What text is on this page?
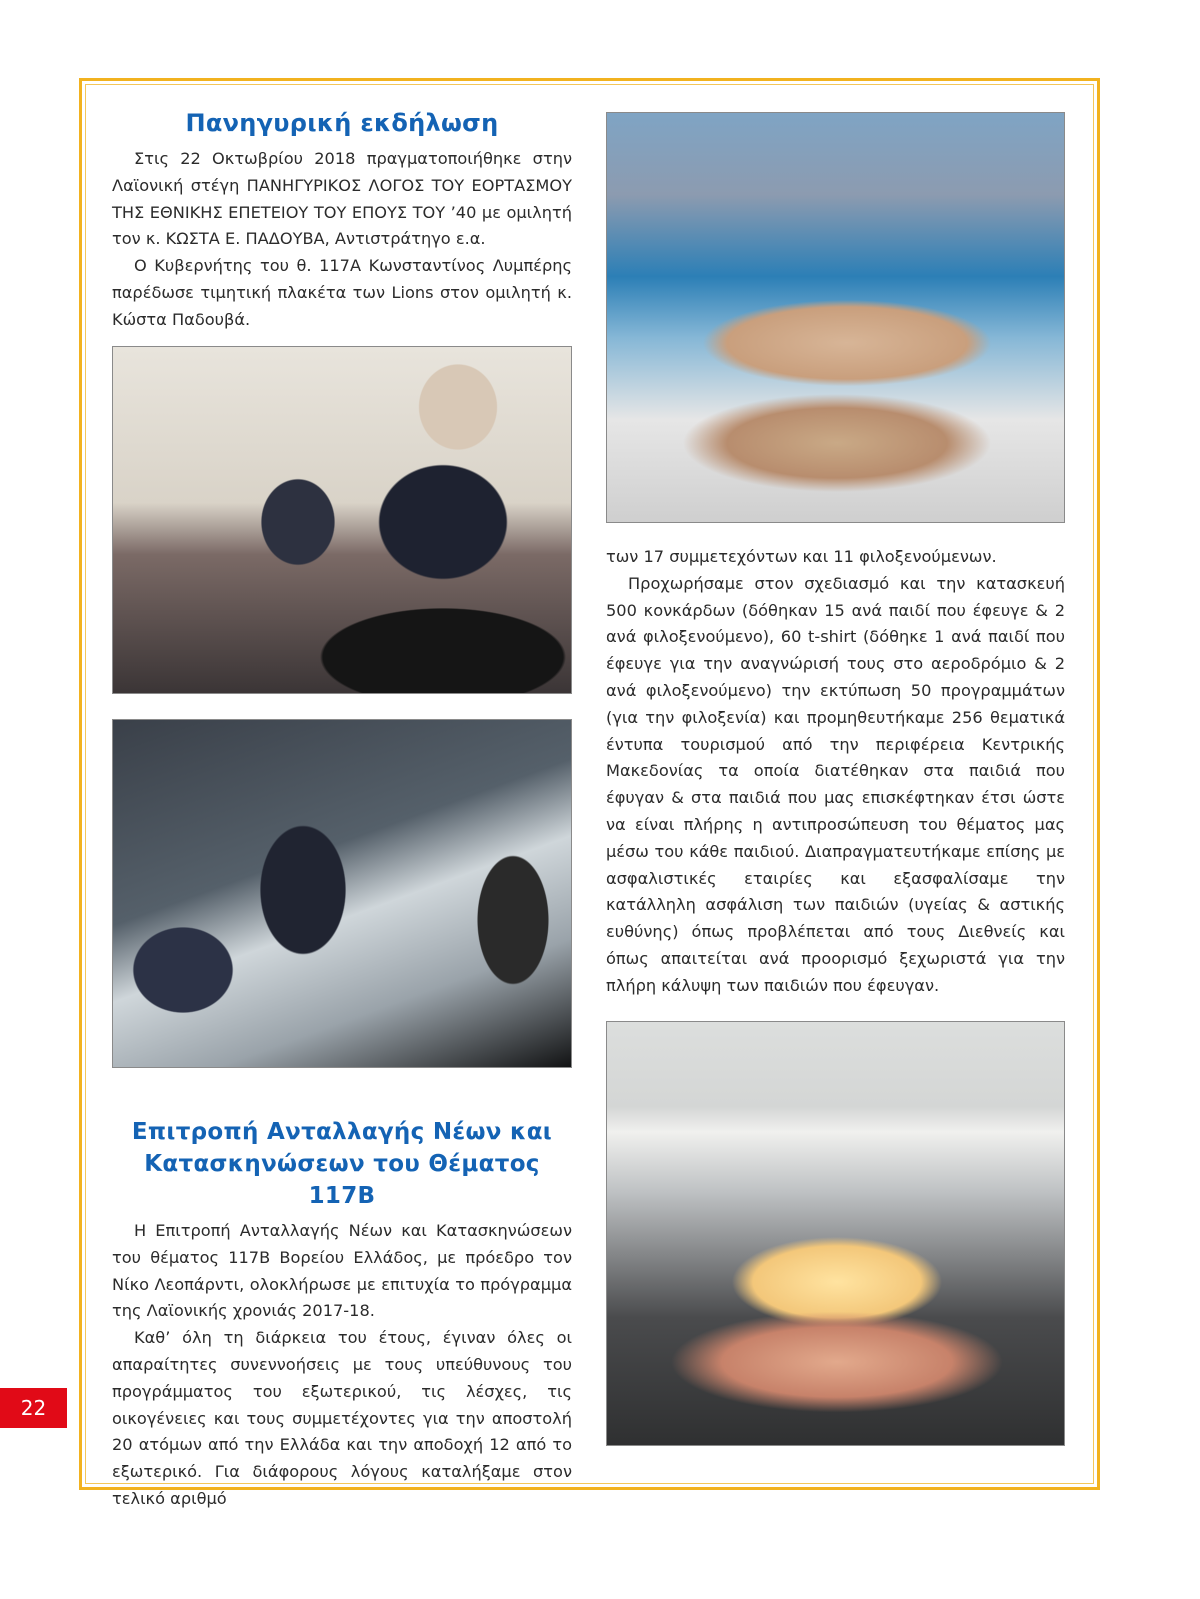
Πανηγυρική εκδήλωση

Στις 22 Οκτωβρίου 2018 πραγματοποιήθηκε στην Λαϊονική στέγη ΠΑΝΗΓΥΡΙΚΟΣ ΛΟΓΟΣ ΤΟΥ ΕΟΡΤΑΣΜΟΥ ΤΗΣ ΕΘΝΙΚΗΣ ΕΠΕΤΕΙΟΥ ΤΟΥ ΕΠΟΥΣ ΤΟΥ ’40 με ομιλητή τον κ. ΚΩΣΤΑ Ε. ΠΑΔΟΥΒΑ, Αντιστράτηγο ε.α.

Ο Κυβερνήτης του θ. 117Α Κωνσταντίνος Λυμπέρης παρέδωσε τιμητική πλακέτα των Lions στον ομιλητή κ. Κώστα Παδουβά.

Επιτροπή Ανταλλαγής Νέων και
Κατασκηνώσεων του Θέματος 117Β

Η Επιτροπή Ανταλλαγής Νέων και Κατασκηνώσεων του θέματος 117Β Βορείου Ελλάδος, με πρόεδρο τον Νίκο Λεοπάρντι, ολοκλήρωσε με επιτυχία το πρόγραμμα της Λαϊονικής χρονιάς 2017-18.

Καθ’ όλη τη διάρκεια του έτους, έγιναν όλες οι απαραίτητες συνεννοήσεις με τους υπεύθυνους του προγράμματος του εξωτερικού, τις λέσχες, τις οικογένειες και τους συμμετέχοντες για την αποστολή 20 ατόμων από την Ελλάδα και την αποδοχή 12 από το εξωτερικό. Για διάφορους λόγους καταλήξαμε στον τελικό αριθμό

των 17 συμμετεχόντων και 11 φιλοξενούμενων.

Προχωρήσαμε στον σχεδιασμό και την κατασκευή 500 κονκάρδων (δόθηκαν 15 ανά παιδί που έφευγε & 2 ανά φιλοξενούμενο), 60 t-shirt (δόθηκε 1 ανά παιδί που έφευγε για την αναγνώρισή τους στο αεροδρόμιο & 2 ανά φιλοξενούμενο) την εκτύπωση 50 προγραμμάτων (για την φιλοξενία) και προμηθευτήκαμε 256 θεματικά έντυπα τουρισμού από την περιφέρεια Κεντρικής Μακεδονίας τα οποία διατέθηκαν στα παιδιά που έφυγαν & στα παιδιά που μας επισκέφτηκαν έτσι ώστε να είναι πλήρης η αντιπροσώπευση του θέματος μας μέσω του κάθε παιδιού. Διαπραγματευτήκαμε επίσης με ασφαλιστικές εταιρίες και εξασφαλίσαμε την κατάλληλη ασφάλιση των παιδιών (υγείας & αστικής ευθύνης) όπως προβλέπεται από τους Διεθνείς και όπως απαιτείται ανά προορισμό ξεχωριστά για την πλήρη κάλυψη των παιδιών που έφευγαν.

22
